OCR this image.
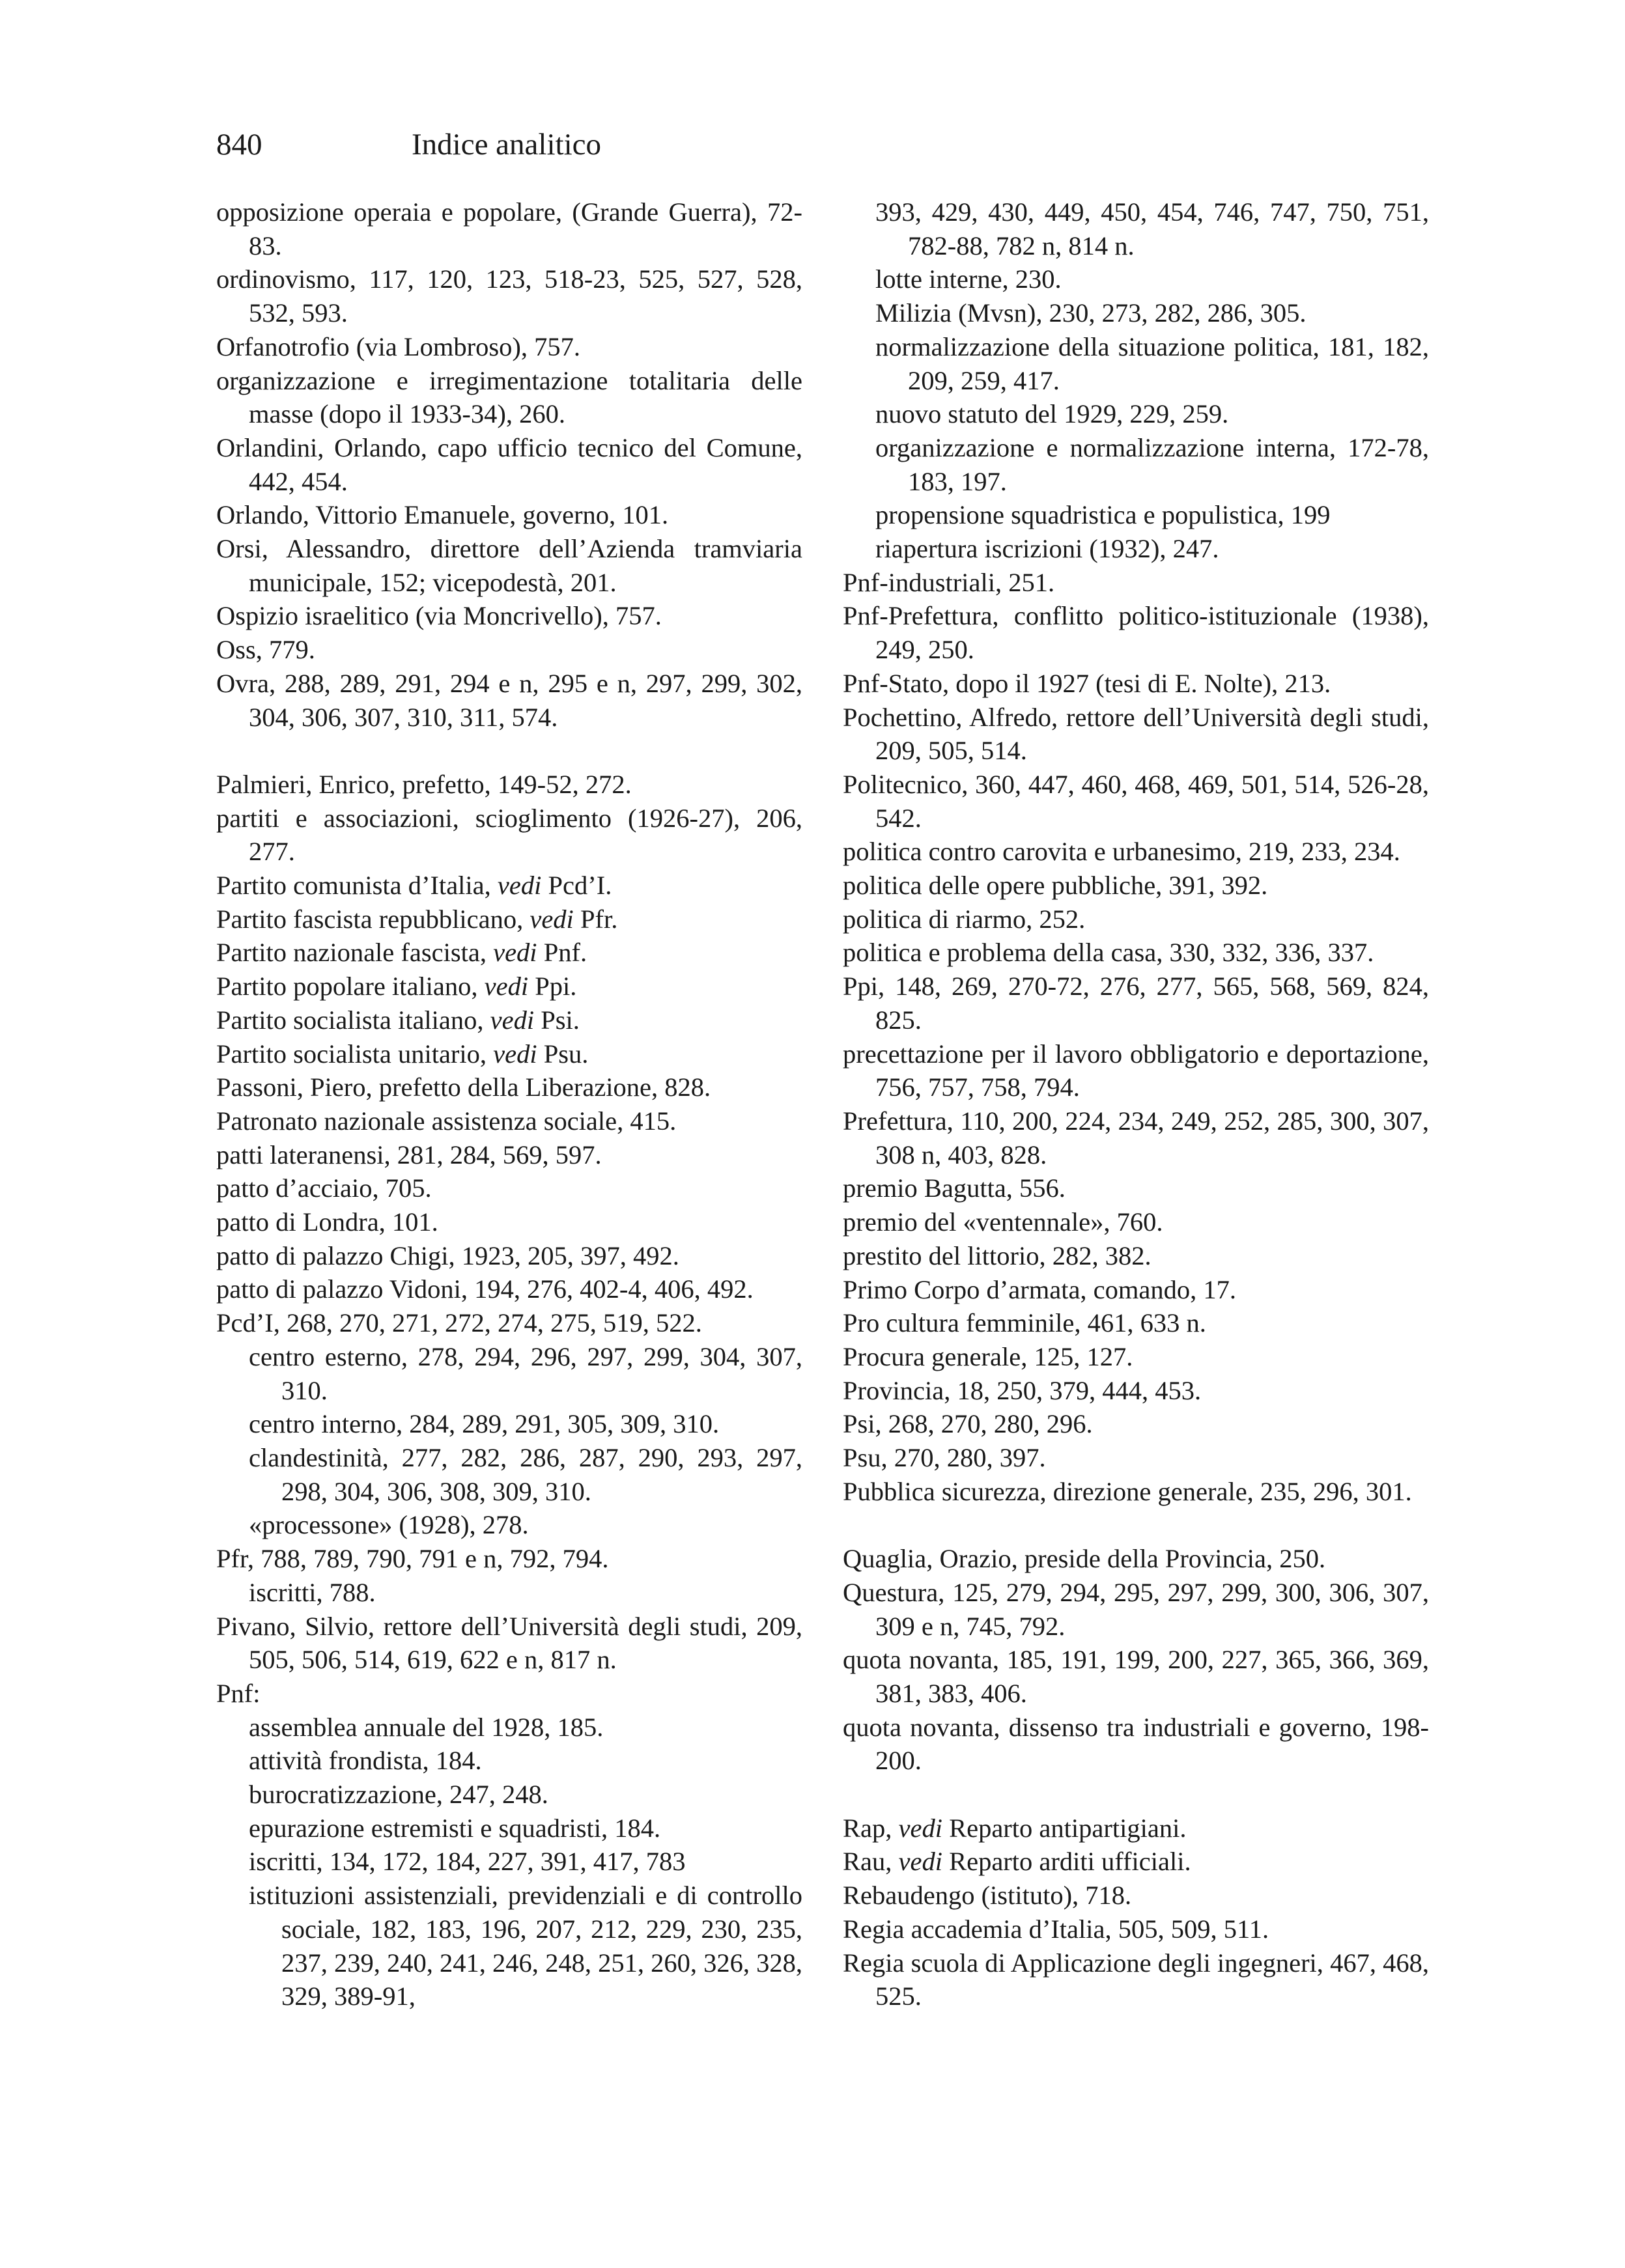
840	Indice analitico
opposizione operaia e popolare, (Grande Guerra), 72-83.
ordinovismo, 117, 120, 123, 518-23, 525, 527, 528, 532, 593.
Orfanotrofio (via Lombroso), 757.
organizzazione e irregimentazione totalitaria delle masse (dopo il 1933-34), 260.
Orlandini, Orlando, capo ufficio tecnico del Comune, 442, 454.
Orlando, Vittorio Emanuele, governo, 101.
Orsi, Alessandro, direttore dell’Azienda tramviaria municipale, 152; vicepodestà, 201.
Ospizio israelitico (via Moncrivello), 757.
Oss, 779.
Ovra, 288, 289, 291, 294 e n, 295 e n, 297, 299, 302, 304, 306, 307, 310, 311, 574.
Palmieri, Enrico, prefetto, 149-52, 272.
partiti e associazioni, scioglimento (1926-27), 206, 277.
Partito comunista d’Italia, vedi Pcd’I.
Partito fascista repubblicano, vedi Pfr.
Partito nazionale fascista, vedi Pnf.
Partito popolare italiano, vedi Ppi.
Partito socialista italiano, vedi Psi.
Partito socialista unitario, vedi Psu.
Passoni, Piero, prefetto della Liberazione, 828.
Patronato nazionale assistenza sociale, 415.
patti lateranensi, 281, 284, 569, 597.
patto d’acciaio, 705.
patto di Londra, 101.
patto di palazzo Chigi, 1923, 205, 397, 492.
patto di palazzo Vidoni, 194, 276, 402-4, 406, 492.
Pcd’I, 268, 270, 271, 272, 274, 275, 519, 522.
centro esterno, 278, 294, 296, 297, 299, 304, 307, 310.
centro interno, 284, 289, 291, 305, 309, 310.
clandestinità, 277, 282, 286, 287, 290, 293, 297, 298, 304, 306, 308, 309, 310.
«processone» (1928), 278.
Pfr, 788, 789, 790, 791 e n, 792, 794.
iscritti, 788.
Pivano, Silvio, rettore dell’Università degli studi, 209, 505, 506, 514, 619, 622 e n, 817 n.
Pnf:
assemblea annuale del 1928, 185.
attività frondista, 184.
burocratizzazione, 247, 248.
epurazione estremisti e squadristi, 184.
iscritti, 134, 172, 184, 227, 391, 417, 783
istituzioni assistenziali, previdenziali e di controllo sociale, 182, 183, 196, 207, 212, 229, 230, 235, 237, 239, 240, 241, 246, 248, 251, 260, 326, 328, 329, 389-91,
393, 429, 430, 449, 450, 454, 746, 747, 750, 751, 782-88, 782 n, 814 n.
lotte interne, 230.
Milizia (Mvsn), 230, 273, 282, 286, 305.
normalizzazione della situazione politica, 181, 182, 209, 259, 417.
nuovo statuto del 1929, 229, 259.
organizzazione e normalizzazione interna, 172-78, 183, 197.
propensione squadristica e populistica, 199
riapertura iscrizioni (1932), 247.
Pnf-industriali, 251.
Pnf-Prefettura, conflitto politico-istituzionale (1938), 249, 250.
Pnf-Stato, dopo il 1927 (tesi di E. Nolte), 213.
Pochettino, Alfredo, rettore dell’Università degli studi, 209, 505, 514.
Politecnico, 360, 447, 460, 468, 469, 501, 514, 526-28, 542.
politica contro carovita e urbanesimo, 219, 233, 234.
politica delle opere pubbliche, 391, 392.
politica di riarmo, 252.
politica e problema della casa, 330, 332, 336, 337.
Ppi, 148, 269, 270-72, 276, 277, 565, 568, 569, 824, 825.
precettazione per il lavoro obbligatorio e deportazione, 756, 757, 758, 794.
Prefettura, 110, 200, 224, 234, 249, 252, 285, 300, 307, 308 n, 403, 828.
premio Bagutta, 556.
premio del «ventennale», 760.
prestito del littorio, 282, 382.
Primo Corpo d’armata, comando, 17.
Pro cultura femminile, 461, 633 n.
Procura generale, 125, 127.
Provincia, 18, 250, 379, 444, 453.
Psi, 268, 270, 280, 296.
Psu, 270, 280, 397.
Pubblica sicurezza, direzione generale, 235, 296, 301.
Quaglia, Orazio, preside della Provincia, 250.
Questura, 125, 279, 294, 295, 297, 299, 300, 306, 307, 309 e n, 745, 792.
quota novanta, 185, 191, 199, 200, 227, 365, 366, 369, 381, 383, 406.
quota novanta, dissenso tra industriali e governo, 198-200.
Rap, vedi Reparto antipartigiani.
Rau, vedi Reparto arditi ufficiali.
Rebaudengo (istituto), 718.
Regia accademia d’Italia, 505, 509, 511.
Regia scuola di Applicazione degli ingegneri, 467, 468, 525.
